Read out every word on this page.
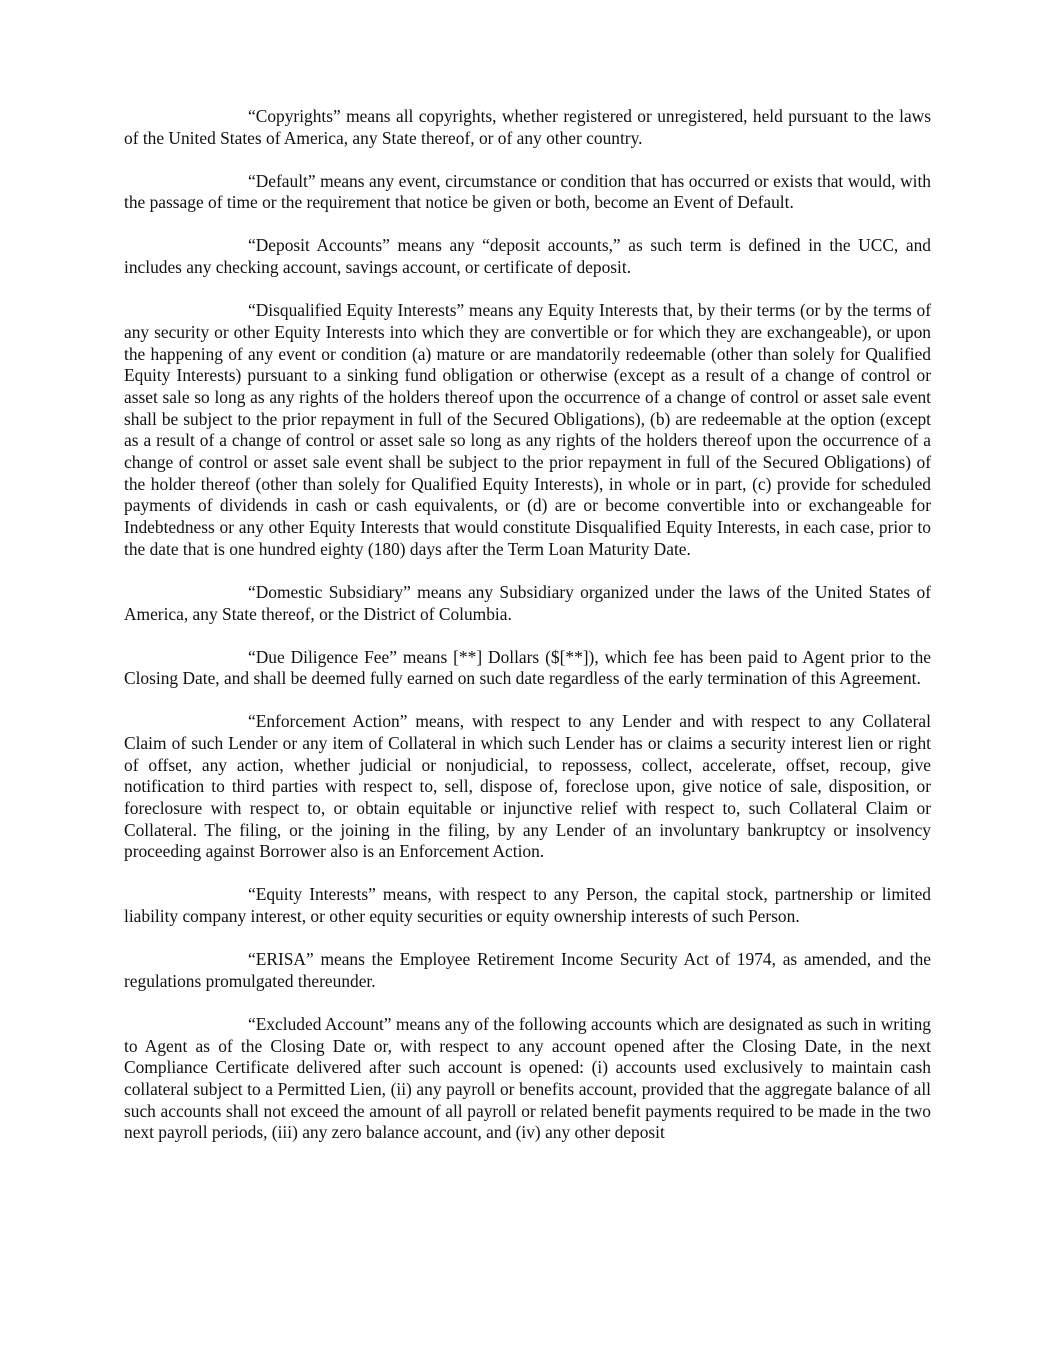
“Copyrights” means all copyrights, whether registered or unregistered, held pursuant to the laws of the United States of America, any State thereof, or of any other country.

“Default” means any event, circumstance or condition that has occurred or exists that would, with the passage of time or the requirement that notice be given or both, become an Event of Default.

“Deposit Accounts” means any “deposit accounts,” as such term is defined in the UCC, and includes any checking account, savings account, or certificate of deposit.

“Disqualified Equity Interests” means any Equity Interests that, by their terms (or by the terms of any security or other Equity Interests into which they are convertible or for which they are exchangeable), or upon the happening of any event or condition (a) mature or are mandatorily redeemable (other than solely for Qualified Equity Interests) pursuant to a sinking fund obligation or otherwise (except as a result of a change of control or asset sale so long as any rights of the holders thereof upon the occurrence of a change of control or asset sale event shall be subject to the prior repayment in full of the Secured Obligations), (b) are redeemable at the option (except as a result of a change of control or asset sale so long as any rights of the holders thereof upon the occurrence of a change of control or asset sale event shall be subject to the prior repayment in full of the Secured Obligations) of the holder thereof (other than solely for Qualified Equity Interests), in whole or in part, (c) provide for scheduled payments of dividends in cash or cash equivalents, or (d) are or become convertible into or exchangeable for Indebtedness or any other Equity Interests that would constitute Disqualified Equity Interests, in each case, prior to the date that is one hundred eighty (180) days after the Term Loan Maturity Date.

“Domestic Subsidiary” means any Subsidiary organized under the laws of the United States of America, any State thereof, or the District of Columbia.

“Due Diligence Fee” means [**] Dollars ($[**]), which fee has been paid to Agent prior to the Closing Date, and shall be deemed fully earned on such date regardless of the early termination of this Agreement.

“Enforcement Action” means, with respect to any Lender and with respect to any Collateral Claim of such Lender or any item of Collateral in which such Lender has or claims a security interest lien or right of offset, any action, whether judicial or nonjudicial, to repossess, collect, accelerate, offset, recoup, give notification to third parties with respect to, sell, dispose of, foreclose upon, give notice of sale, disposition, or foreclosure with respect to, or obtain equitable or injunctive relief with respect to, such Collateral Claim or Collateral. The filing, or the joining in the filing, by any Lender of an involuntary bankruptcy or insolvency proceeding against Borrower also is an Enforcement Action.

“Equity Interests” means, with respect to any Person, the capital stock, partnership or limited liability company interest, or other equity securities or equity ownership interests of such Person.

“ERISA” means the Employee Retirement Income Security Act of 1974, as amended, and the regulations promulgated thereunder.

“Excluded Account” means any of the following accounts which are designated as such in writing to Agent as of the Closing Date or, with respect to any account opened after the Closing Date, in the next Compliance Certificate delivered after such account is opened: (i) accounts used exclusively to maintain cash collateral subject to a Permitted Lien, (ii) any payroll or benefits account, provided that the aggregate balance of all such accounts shall not exceed the amount of all payroll or related benefit payments required to be made in the two next payroll periods, (iii) any zero balance account, and (iv) any other deposit
